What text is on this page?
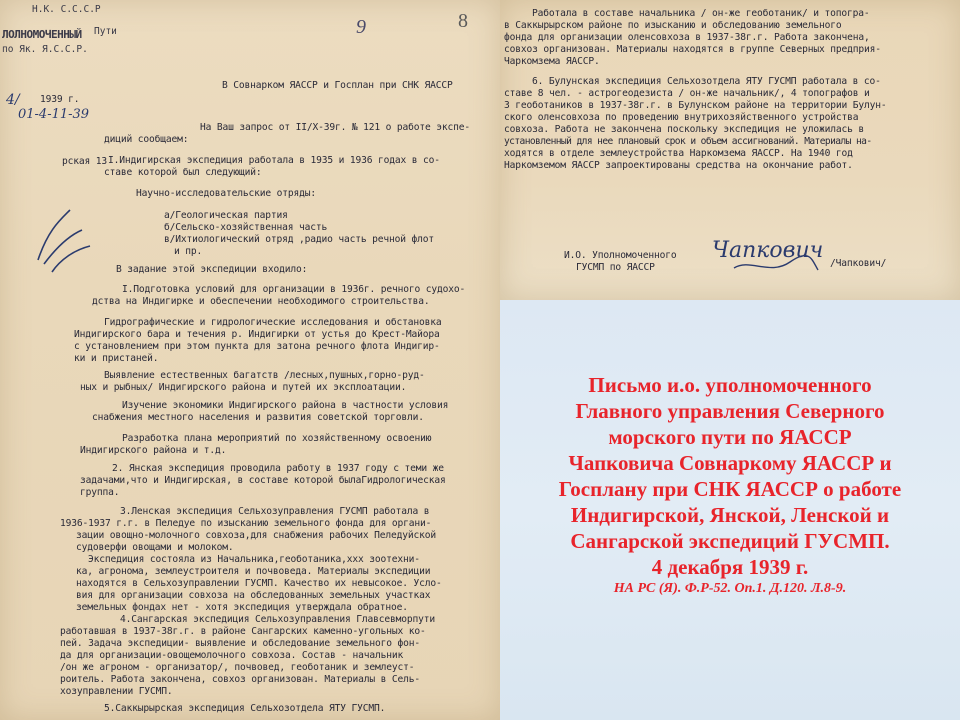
Н.К. С.С.С.Р
ЛОЛНОМОЧЕННЫЙ	Пути
по Як. Я.С.С.Р.
4/ 1939 г.
01-4-11-39
рская 13
9	8
В Совнарком ЯАССР и Госплан при СНК ЯАССР
На Ваш запрос от II/X-39г. № 121 о работе экспе-
диций сообщаем:
I.Индигирская экспедиция работала в 1935 и 1936 годах в со-
ставе которой был следующий:
Научно-исследовательские отряды:
а/Геологическая партия
б/Сельско-хозяйственная часть
в/Ихтиологический отряд ,радио часть речной флот
и пр.
В задание этой экспедиции входило:
I.Подготовка условий для организации в 1936г. речного судохо-
дства на Индигирке и обеспечении необходимого строительства.
Гидрографические и гидрологические исследования и обстановка
Индигирского бара и течения р. Индигирки от устья до Крест-Майора
с установлением при этом пункта для затона речного флота Индигир-
ки и пристаней.
Выявление естественных багатств /лесных,пушных,горно-руд-
ных и рыбных/ Индигирского района и путей их эксплоатации.
Изучение экономики Индигирского района в частности условия
снабжения местного населения и развития советской торговли.
Разработка плана мероприятий по хозяйственному освоению
Индигирского района и т.д.
2. Янская экспедиция проводила работу в 1937 году с теми же
задачами,что и Индигирская, в составе которой былаГидрологическая
группа.
3.Ленская экспедиция Сельхозуправления ГУСМП работала в
1936-1937 г.г. в Пеледуе по изысканию земельного фонда для органи-
зации овощно-молочного совхоза,для снабжения рабочих Пеледуйской
судоверфи овощами и молоком.
Экспедиция состояла из Начальника,геоботаника,ххх зоотехни-
ка, агронома, землеустроителя и почвоведа. Материалы экспедиции
находятся в Сельхозуправлении ГУСМП. Качество их невысокое. Усло-
вия для организации совхоза на обследованных земельных участках
земельных фондах нет - хотя экспедиция утверждала обратное.
4.Сангарская экспедиция Сельхозуправления Главсевморпути
работавшая в 1937-38г.г. в районе Сангарских каменно-угольных ко-
пей. Задача экспедиции- выявление и обследование земельного фон-
да для организации-овощемолочного совхоза. Состав - начальник
/он же агроном - организатор/, почвовед, геоботаник и землеуст-
роитель. Работа закончена, совхоз организован. Материалы в Сель-
хозуправлении ГУСМП.
5.Саккырырская экспедиция Сельхозотдела ЯТУ ГУСМП.
Работала в составе начальника / он-же геоботаник/ и топогра-
в Саккырырском районе по изысканию и обследованию земельного
фонда для организации оленсовхоза в 1937-38г.г. Работа закончена,
совхоз организован. Материалы находятся в группе Северных предприя-
Чаркомзема ЯАССР.
6. Булунская экспедиция Сельхозотдела ЯТУ ГУСМП работала в со-
ставе 8 чел. - астрогеодезиста / он-же начальник/, 4 топографов и
3 геоботаников в 1937-38г.г. в Булунском районе на территории Булун-
ского оленсовхоза по проведению внутрихозяйственного устройства
совхоза. Работа не закончена поскольку экспедиция не уложилась в
установленный для нее плановый срок и объем ассигнований. Материалы на-
ходятся в отделе землеустройства Наркомзема ЯАССР. На 1940 год
Наркомземом ЯАССР запроектированы средства на окончание работ.
И.О. Уполномоченного
ГУСМП по ЯАССР
Чапкович
/Чапкович/
Письмо и.о. уполномоченного
Главного управления Северного
морского пути по ЯАССР
Чапковича Совнаркому ЯАССР и
Госплану при СНК ЯАССР о работе
Индигирской, Янской, Ленской и
Сангарской экспедиций ГУСМП.
4 декабря 1939 г.
НА РС (Я). Ф.Р-52. Оп.1. Д.120. Л.8-9.
